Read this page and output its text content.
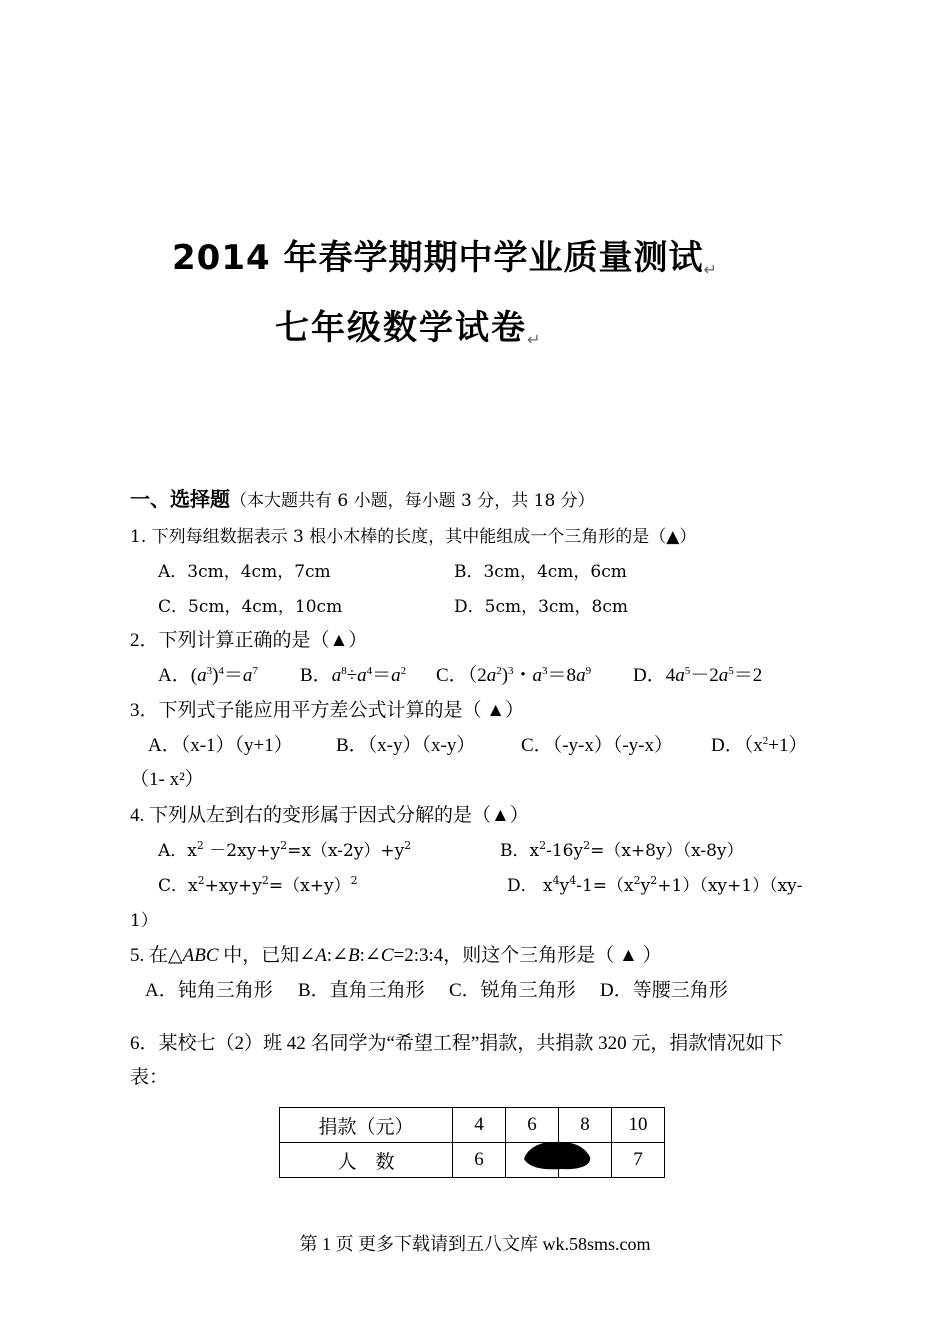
2014 年春学期期中学业质量测试↵
七年级数学试卷↵
一、选择题（本大题共有 6 小题，每小题 3 分，共 18 分）
1. 下列每组数据表示 3 根小木棒的长度，其中能组成一个三角形的是（▲）
A．3cm，4cm，7cm	B．3cm，4cm，6cm
C．5cm，4cm，10cm	D．5cm，3cm，8cm
2．下列计算正确的是（▲）
A．$(a^3)^4=a^7$ B．$a^8\div a^4=a^2$ C．$(2a^2)^3$・$a^3=8a^9$ D．$4a^5-2a^5=2$
3．下列式子能应用平方差公式计算的是（ ▲）
A．（x-1）（y+1） B．（x-y）（x-y） C．（-y-x）（-y-x） D．$(x^2+1)$
（1- x²）
4. 下列从左到右的变形属于因式分解的是（▲）
A．$x^2 -2xy+y^2=x(x-2y)+y^2$	B．$x^2-16y^2=(x+8y)(x-8y)$
C．$x^2+xy+y^2=(x+y)^2$	D． $x^4y^4-1=(x^2y^2+1)(xy+1)(xy-$
1）
5. 在△ABC 中，已知∠A:∠B:∠C=2:3:4，则这个三角形是（ ▲ ）
A．钝角三角形 B．直角三角形 C．锐角三角形 D．等腰三角形
6．某校七（2）班 42 名同学为“希望工程”捐款，共捐款 320 元，捐款情况如下
表：
捐款（元）	4	6	8	10
人　数	6			7
第 1 页 更多下载请到五八文库 wk.58sms.com
